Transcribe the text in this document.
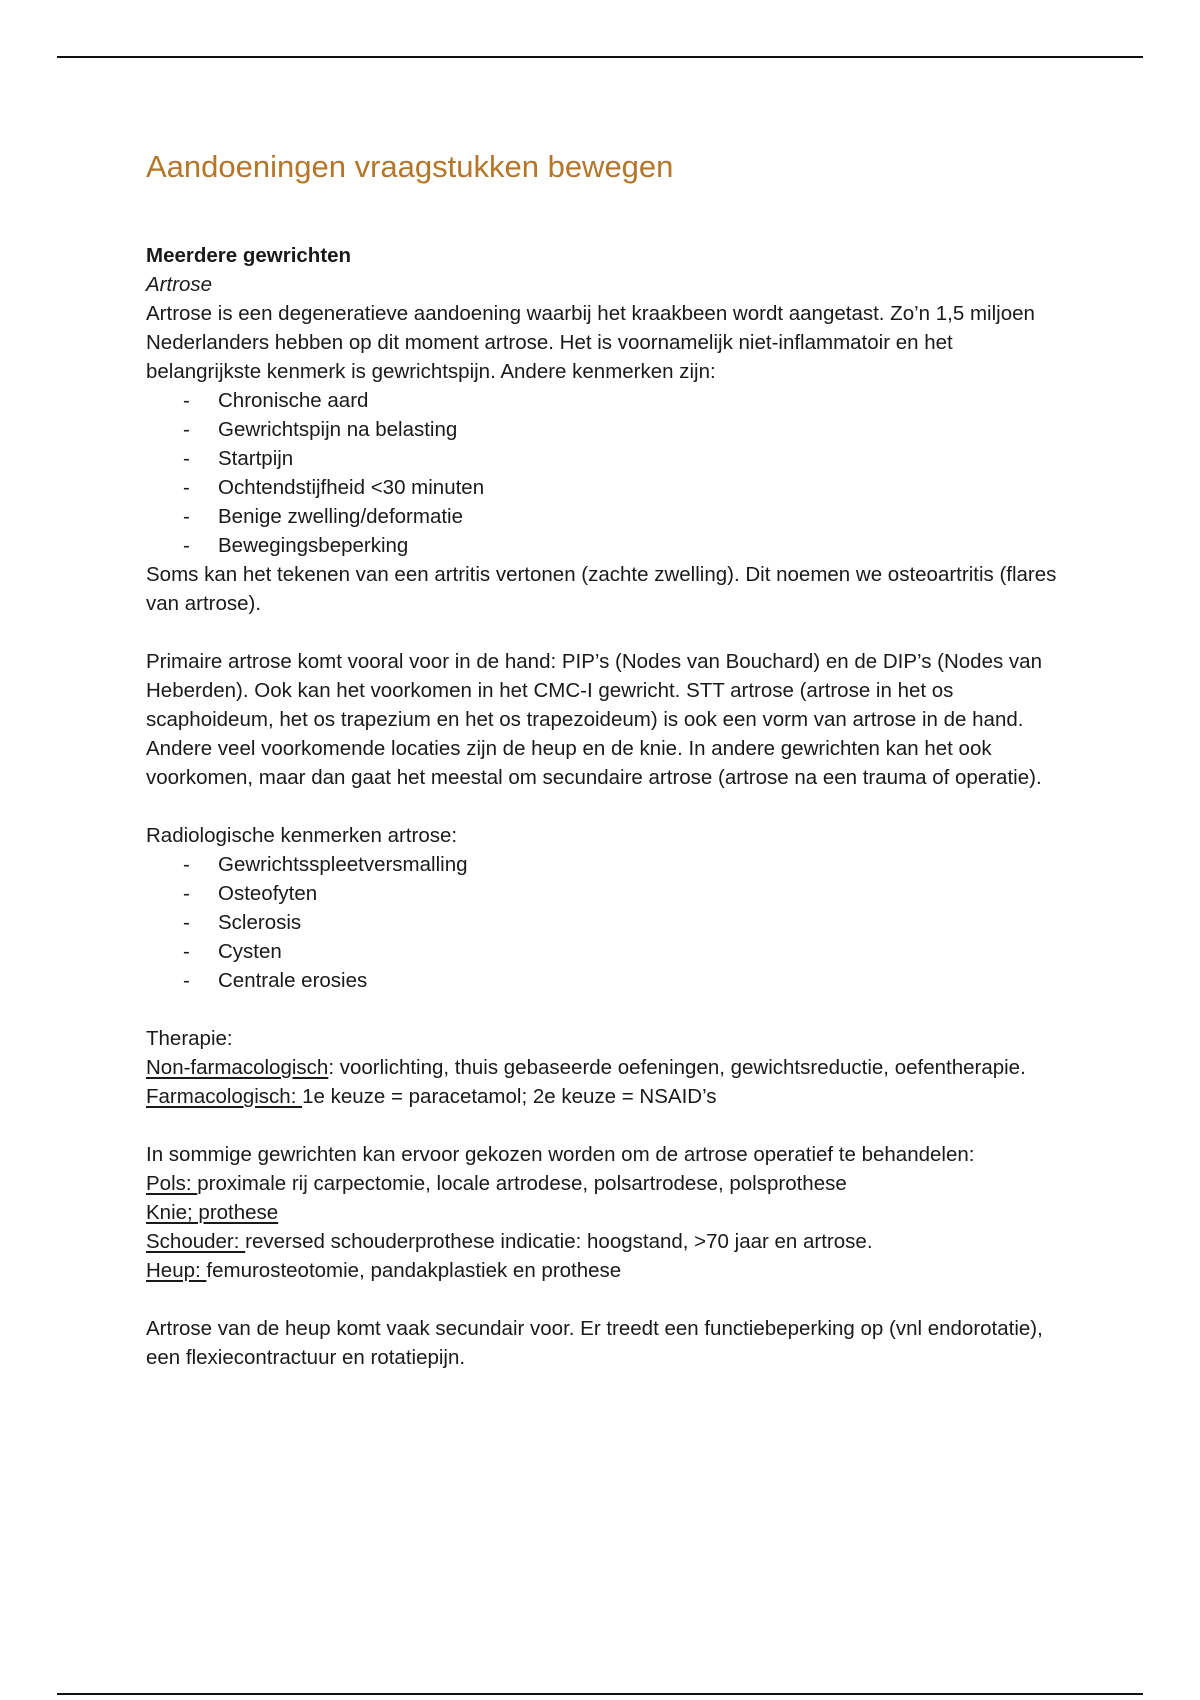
Aandoeningen vraagstukken bewegen

Meerdere gewrichten

Artrose

Artrose is een degeneratieve aandoening waarbij het kraakbeen wordt aangetast. Zo’n 1,5 miljoen Nederlanders hebben op dit moment artrose. Het is voornamelijk niet-inflammatoir en het belangrijkste kenmerk is gewrichtspijn. Andere kenmerken zijn:

- Chronische aard
- Gewrichtspijn na belasting
- Startpijn
- Ochtendstijfheid <30 minuten
- Benige zwelling/deformatie
- Bewegingsbeperking

Soms kan het tekenen van een artritis vertonen (zachte zwelling). Dit noemen we osteoartritis (flares van artrose).

Primaire artrose komt vooral voor in de hand: PIP’s (Nodes van Bouchard) en de DIP’s (Nodes van Heberden). Ook kan het voorkomen in het CMC-I gewricht. STT artrose (artrose in het os scaphoideum, het os trapezium en het os trapezoideum) is ook een vorm van artrose in de hand. Andere veel voorkomende locaties zijn de heup en de knie. In andere gewrichten kan het ook voorkomen, maar dan gaat het meestal om secundaire artrose (artrose na een trauma of operatie).

Radiologische kenmerken artrose:

- Gewrichtsspleetversmalling
- Osteofyten
- Sclerosis
- Cysten
- Centrale erosies

Therapie:

Non-farmacologisch: voorlichting, thuis gebaseerde oefeningen, gewichtsreductie, oefentherapie.

Farmacologisch: 1e keuze = paracetamol; 2e keuze = NSAID’s

In sommige gewrichten kan ervoor gekozen worden om de artrose operatief te behandelen:

Pols: proximale rij carpectomie, locale artrodese, polsartrodese, polsprothese

Knie; prothese

Schouder: reversed schouderprothese indicatie: hoogstand, >70 jaar en artrose.

Heup: femurosteotomie, pandakplastiek en prothese

Artrose van de heup komt vaak secundair voor. Er treedt een functiebeperking op (vnl endorotatie), een flexiecontractuur en rotatiepijn.
